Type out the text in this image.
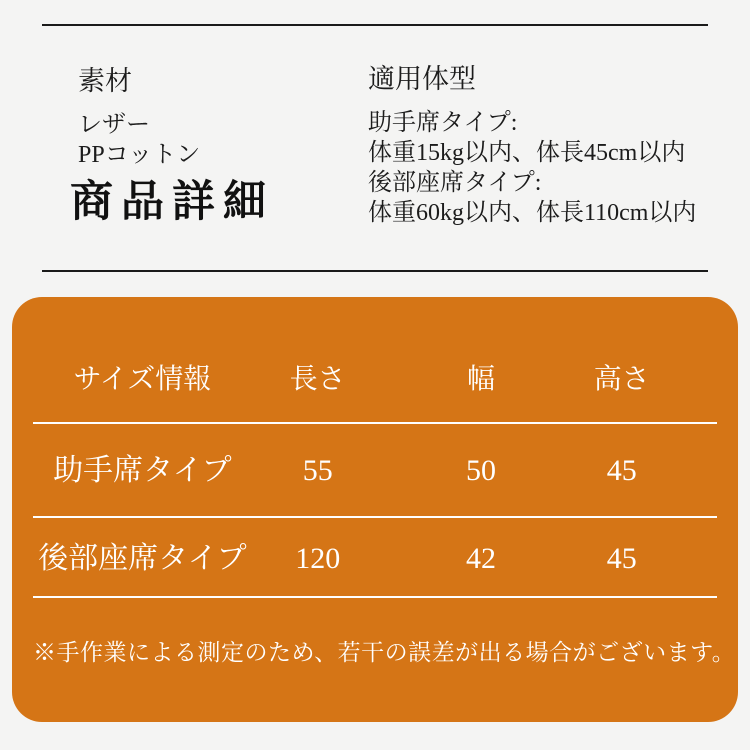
素材
レザー
PPコットン
商品詳細
適用体型
助手席タイプ:
体重15kg以内、体長45cm以内
後部座席タイプ:
体重60kg以内、体長110cm以内
サイズ情報	長さ	幅	高さ
助手席タイプ	55	50	45
後部座席タイプ	120	42	45

※手作業による測定のため、若干の誤差が出る場合がございます。
